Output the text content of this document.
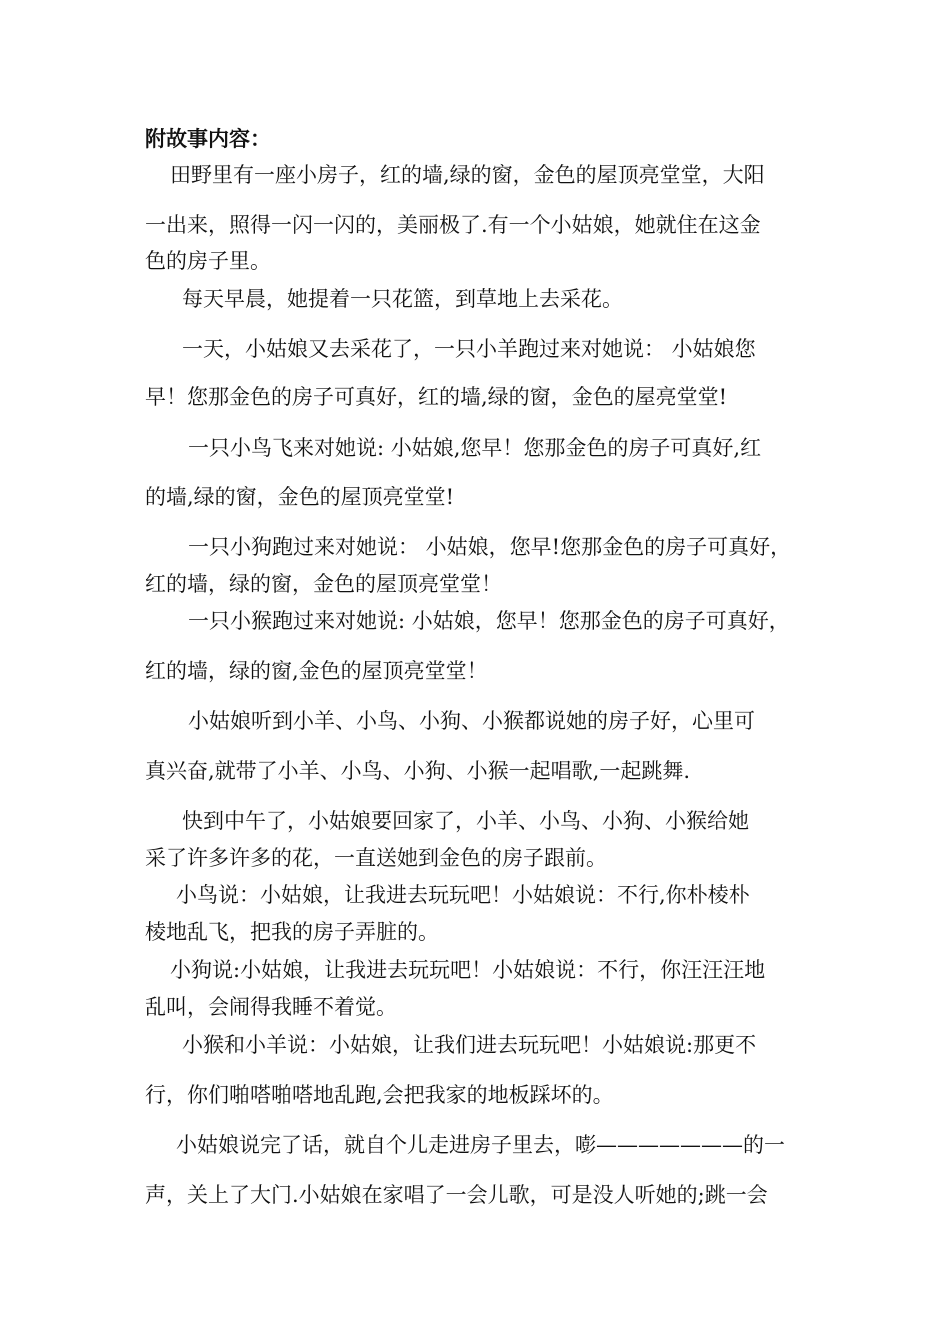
附故事内容：
田野里有一座小房子，红的墙,绿的窗，金色的屋顶亮堂堂，大阳
一出来，照得一闪一闪的，美丽极了.有一个小姑娘，她就住在这金
色的房子里。
每天早晨，她提着一只花篮，到草地上去采花。
一天，小姑娘又去采花了，一只小羊跑过来对她说： 小姑娘您
早！您那金色的房子可真好，红的墙,绿的窗，金色的屋亮堂堂!
一只小鸟飞来对她说: 小姑娘,您早！您那金色的房子可真好,红
的墙,绿的窗，金色的屋顶亮堂堂!
一只小狗跑过来对她说： 小姑娘，您早!您那金色的房子可真好，
红的墙，绿的窗，金色的屋顶亮堂堂！
一只小猴跑过来对她说: 小姑娘，您早！您那金色的房子可真好，
红的墙，绿的窗,金色的屋顶亮堂堂！
小姑娘听到小羊、小鸟、小狗、小猴都说她的房子好，心里可
真兴奋,就带了小羊、小鸟、小狗、小猴一起唱歌,一起跳舞.
快到中午了，小姑娘要回家了，小羊、小鸟、小狗、小猴给她
采了许多许多的花，一直送她到金色的房子跟前。
小鸟说：小姑娘，让我进去玩玩吧！小姑娘说：不行,你朴棱朴
棱地乱飞，把我的房子弄脏的。
小狗说:小姑娘，让我进去玩玩吧！小姑娘说：不行，你汪汪汪地
乱叫，会闹得我睡不着觉。
小猴和小羊说：小姑娘，让我们进去玩玩吧！小姑娘说:那更不
行，你们啪嗒啪嗒地乱跑,会把我家的地板踩坏的。
小姑娘说完了话，就自个儿走进房子里去，嘭———————的一
声，关上了大门.小姑娘在家唱了一会儿歌，可是没人听她的;跳一会
